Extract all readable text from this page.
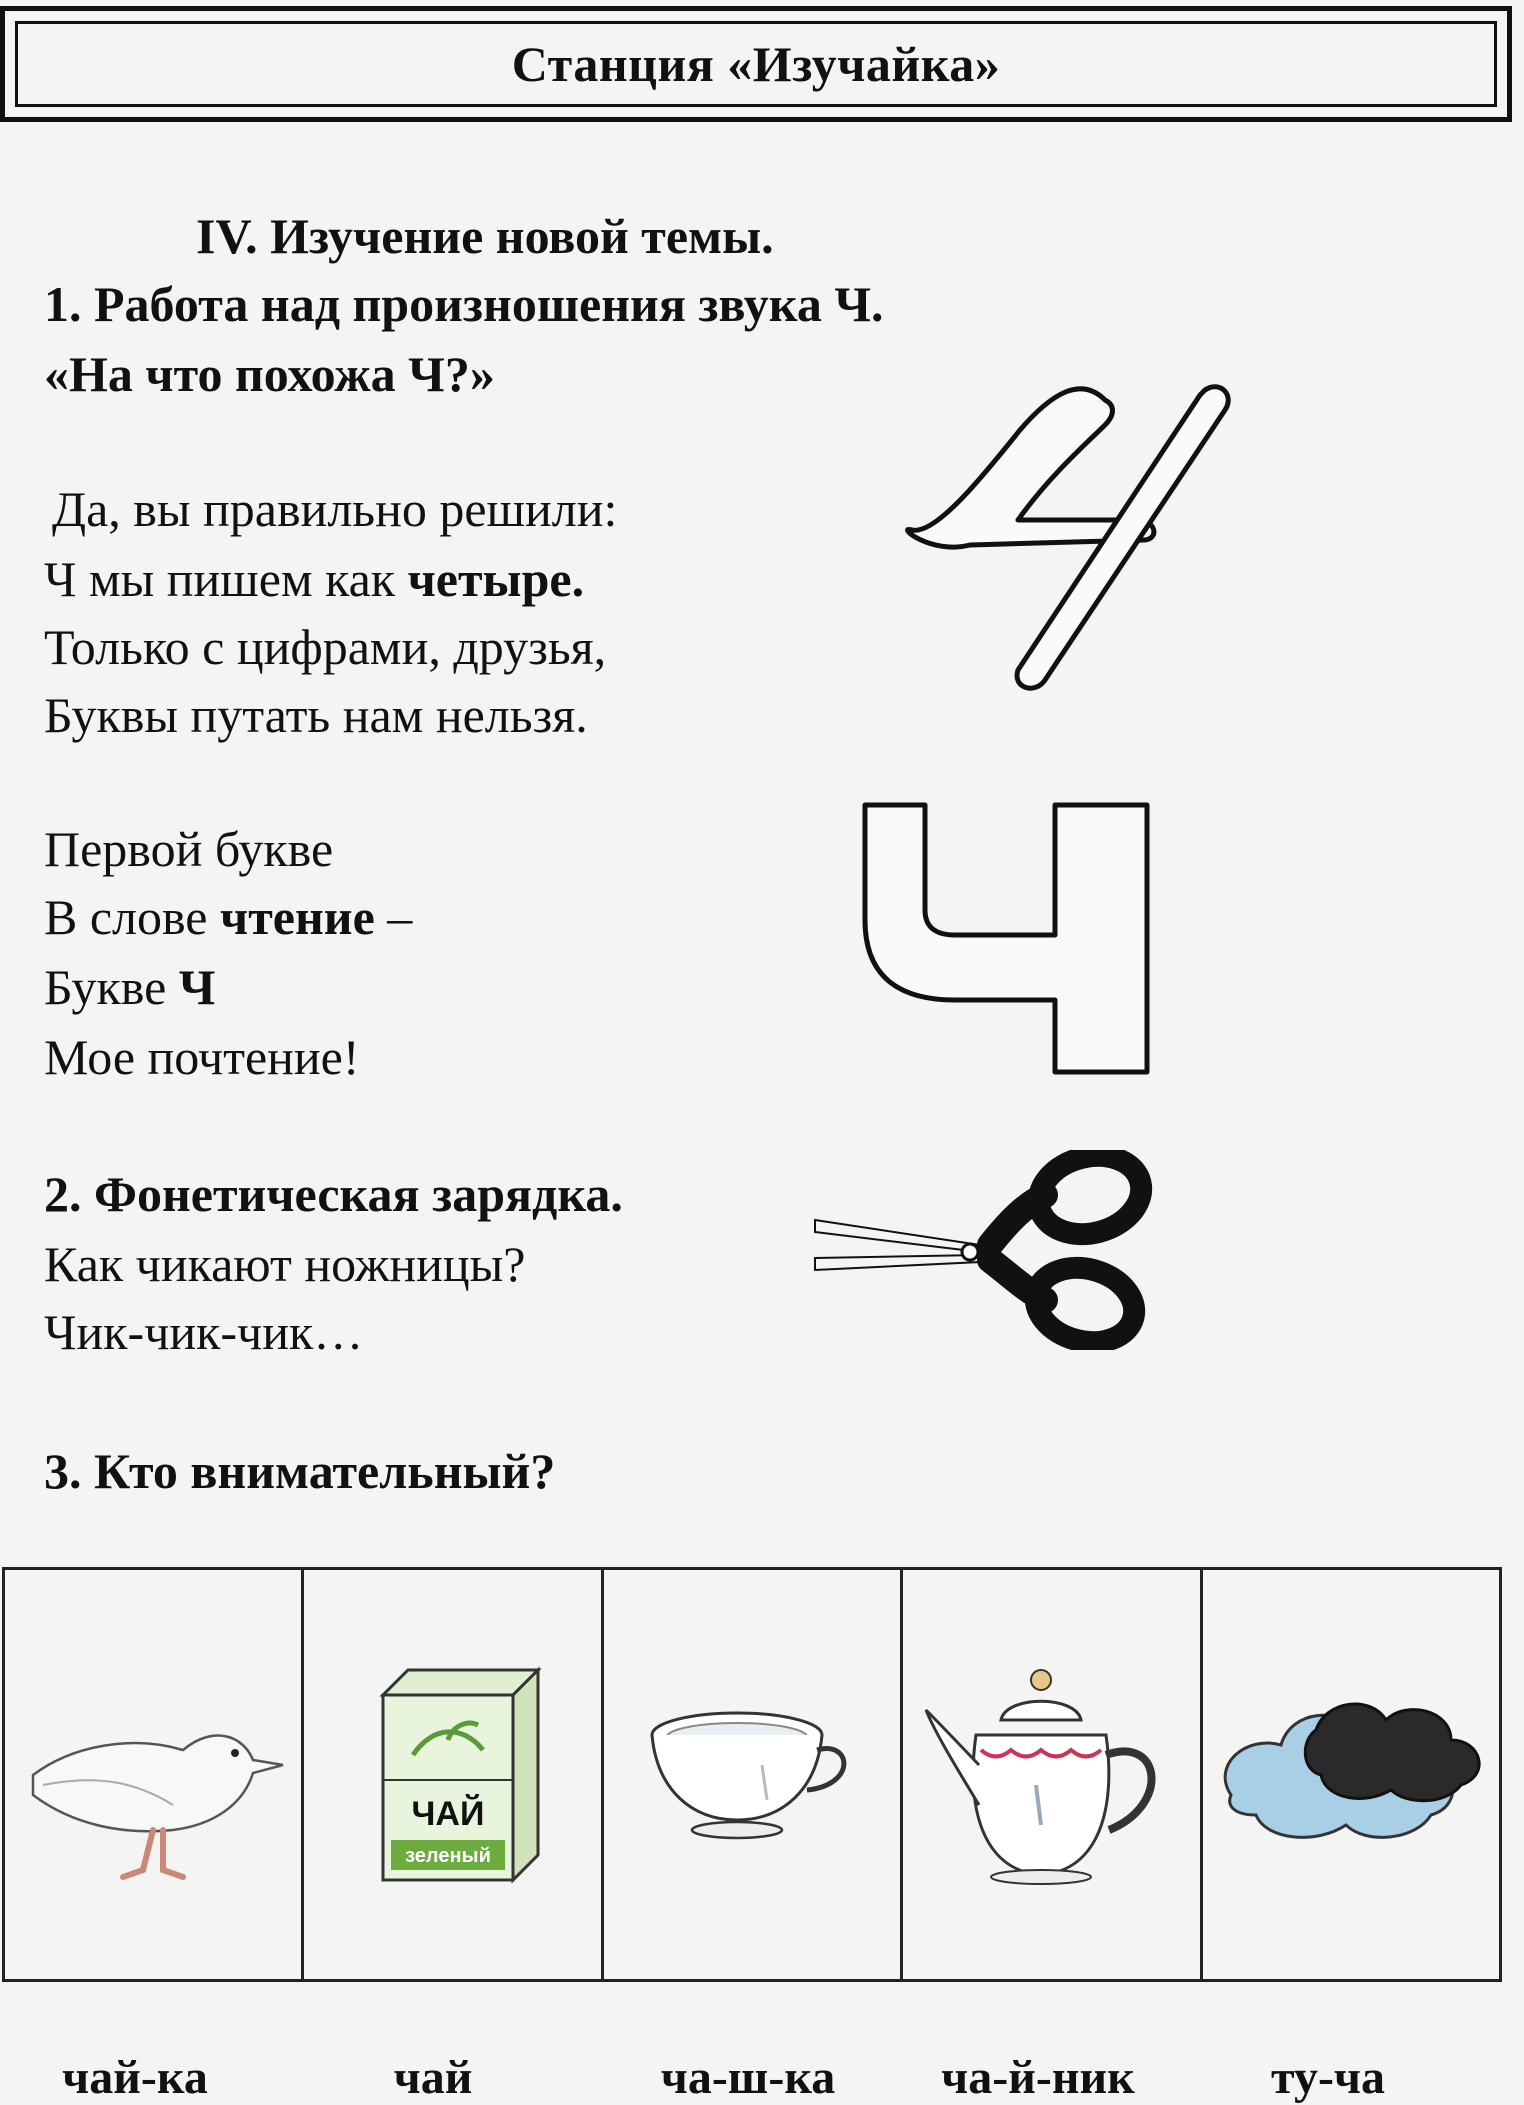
Станция «Изучайка»
IV. Изучение новой темы.
1. Работа над произношения звука Ч.
«На что похожа Ч?»
Да, вы правильно решили:
Ч мы пишем как четыре.
Только с цифрами, друзья,
Буквы путать нам нельзя.
Первой букве
В слове чтение –
Букве Ч
Мое почтение!
2. Фонетическая зарядка.
Как чикают ножницы?
Чик-чик-чик…
3. Кто внимательный?
ЧАЙ
зеленый
чай-ка	чай	ча-ш-ка	ча-й-ник	ту-ча
